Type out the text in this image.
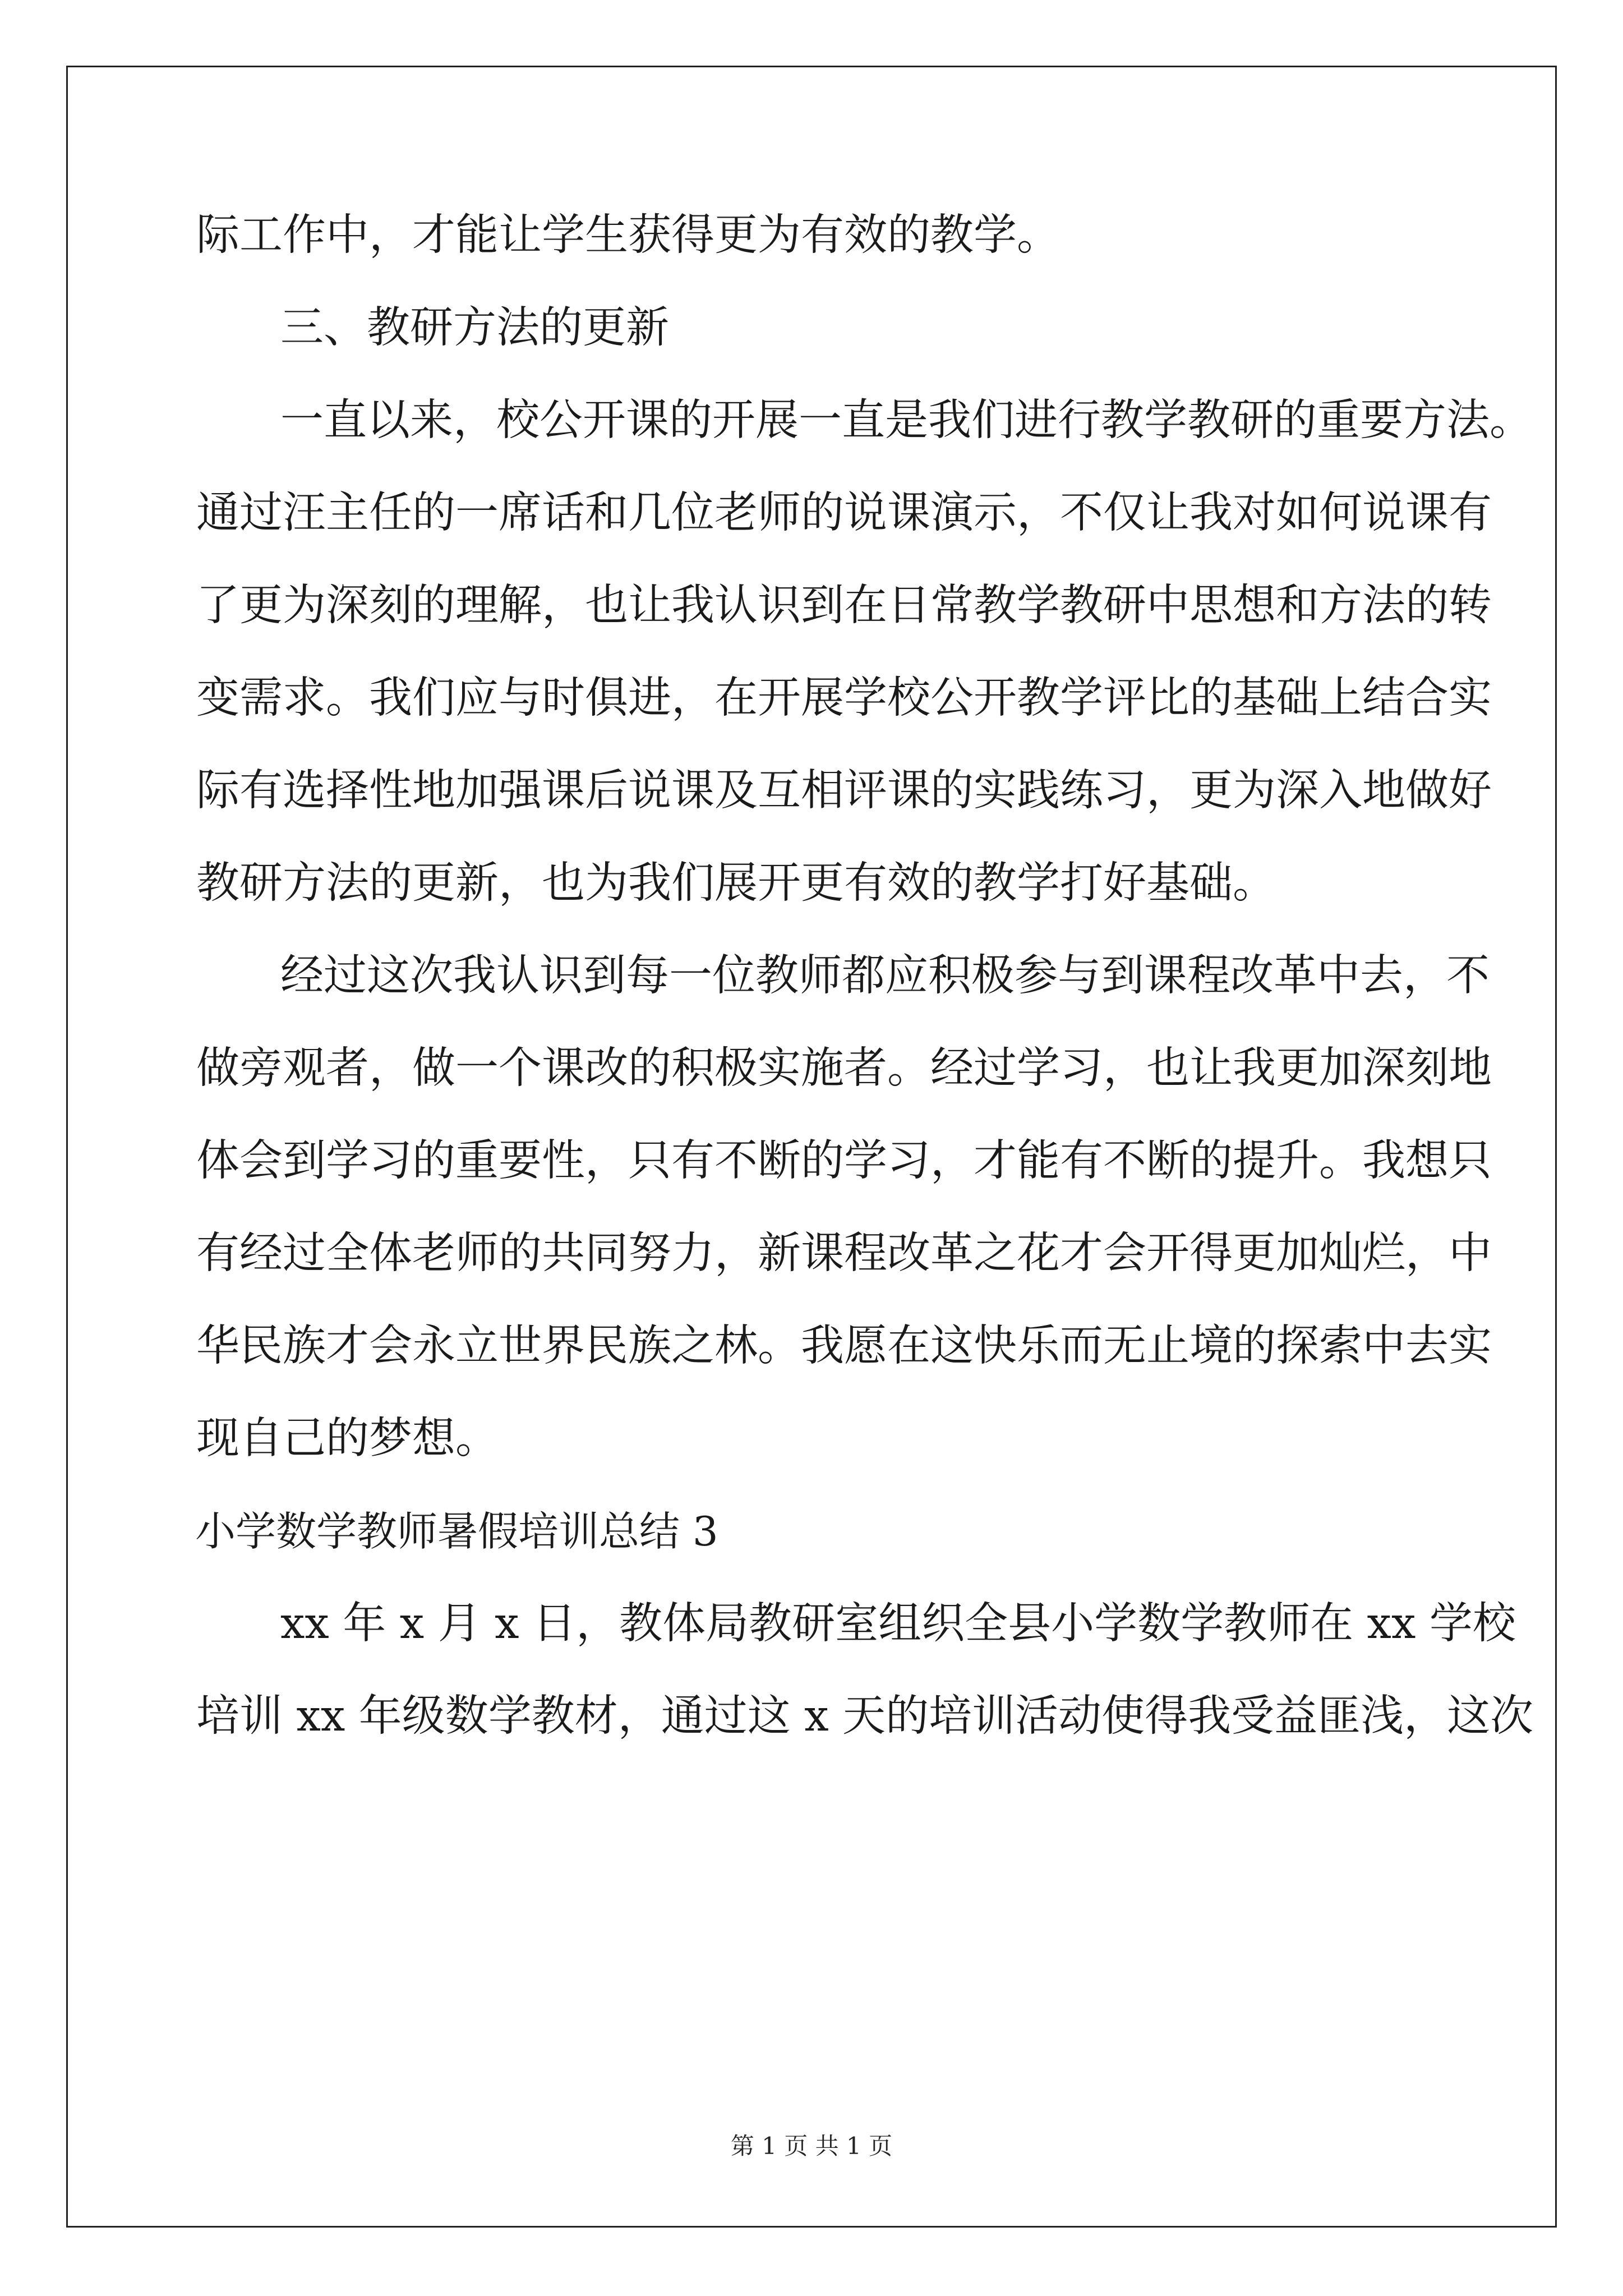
际工作中，才能让学生获得更为有效的教学。
三、教研方法的更新
一直以来，校公开课的开展一直是我们进行教学教研的重要方法。
通过汪主任的一席话和几位老师的说课演示，不仅让我对如何说课有
了更为深刻的理解，也让我认识到在日常教学教研中思想和方法的转
变需求。我们应与时俱进，在开展学校公开教学评比的基础上结合实
际有选择性地加强课后说课及互相评课的实践练习，更为深入地做好
教研方法的更新，也为我们展开更有效的教学打好基础。
经过这次我认识到每一位教师都应积极参与到课程改革中去，不
做旁观者，做一个课改的积极实施者。经过学习，也让我更加深刻地
体会到学习的重要性，只有不断的学习，才能有不断的提升。我想只
有经过全体老师的共同努力，新课程改革之花才会开得更加灿烂，中
华民族才会永立世界民族之林。我愿在这快乐而无止境的探索中去实
现自己的梦想。
小学数学教师暑假培训总结 3
xx 年 x 月 x 日，教体局教研室组织全县小学数学教师在 xx 学校
培训 xx 年级数学教材，通过这 x 天的培训活动使得我受益匪浅，这次
第 1 页 共 1 页
